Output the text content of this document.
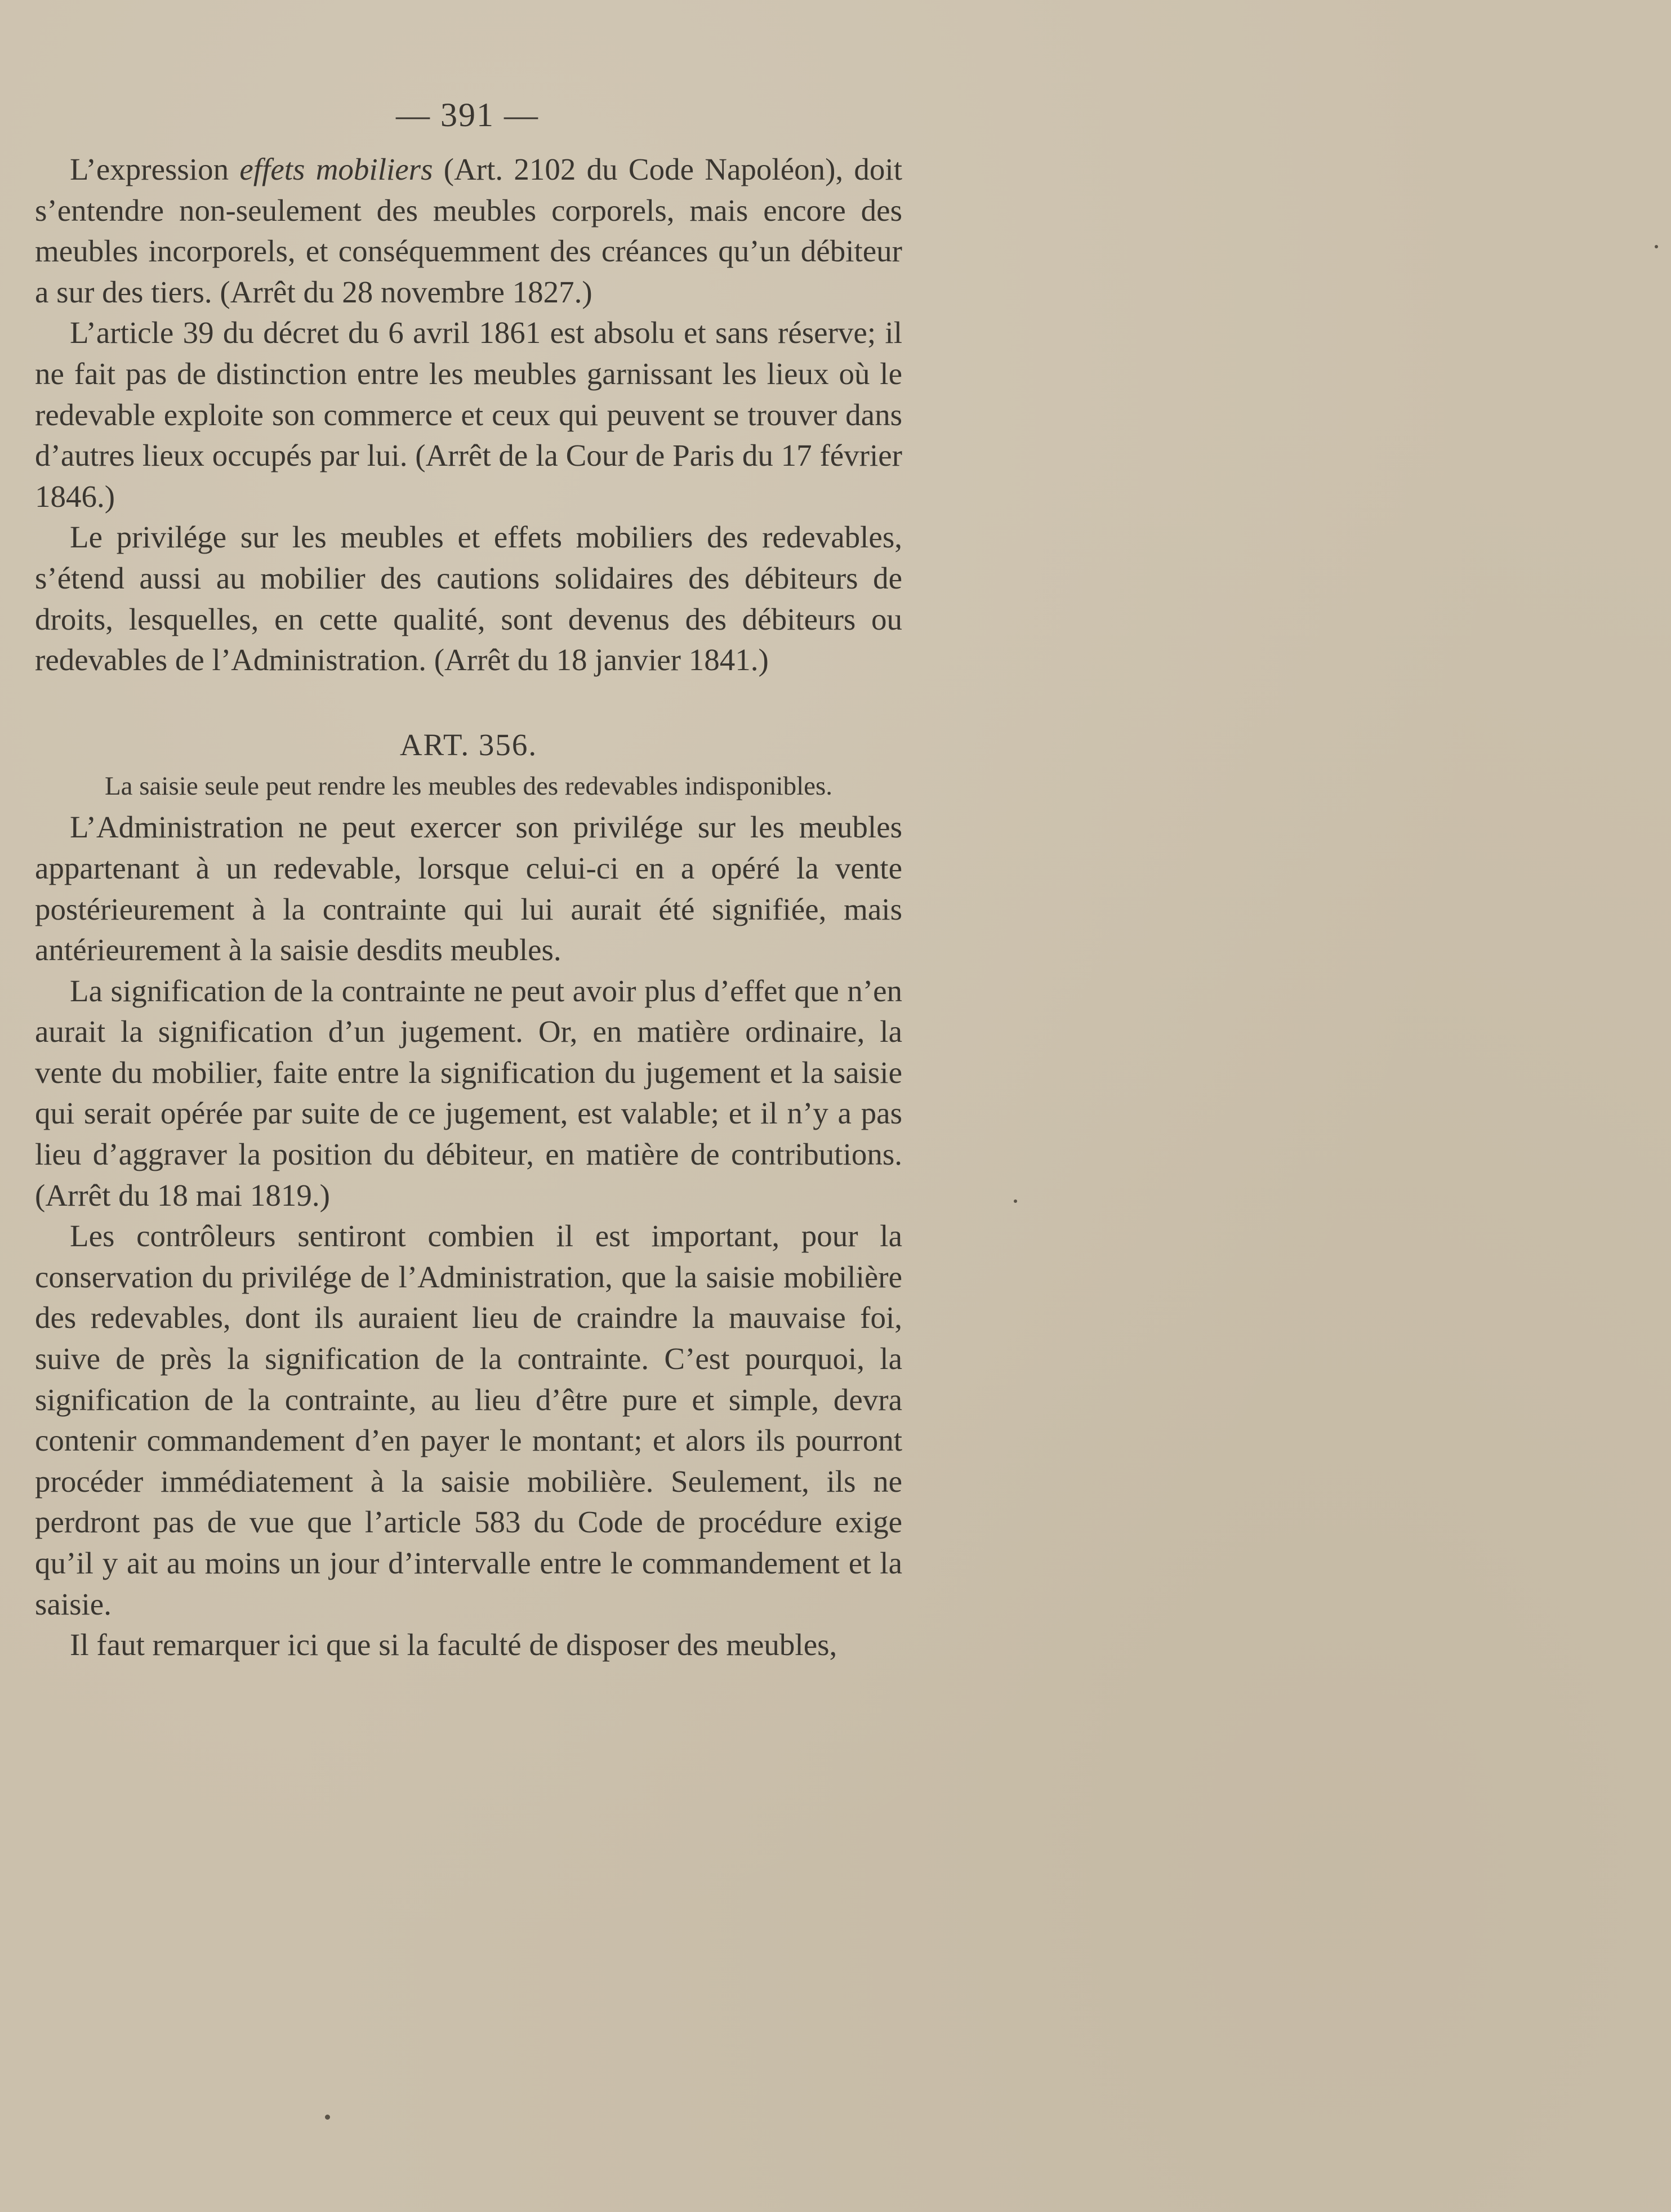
— 391 —

L’expression effets mobiliers (Art. 2102 du Code Napoléon), doit s’entendre non-seulement des meubles corporels, mais encore des meubles incorporels, et conséquemment des créances qu’un débiteur a sur des tiers. (Arrêt du 28 novembre 1827.)

L’article 39 du décret du 6 avril 1861 est absolu et sans réserve; il ne fait pas de distinction entre les meubles garnissant les lieux où le redevable exploite son commerce et ceux qui peuvent se trouver dans d’autres lieux occupés par lui. (Arrêt de la Cour de Paris du 17 février 1846.)

Le privilége sur les meubles et effets mobiliers des redevables, s’étend aussi au mobilier des cautions solidaires des débiteurs de droits, lesquelles, en cette qualité, sont devenus des débiteurs ou redevables de l’Administration. (Arrêt du 18 janvier 1841.)

ART. 356.

La saisie seule peut rendre les meubles des redevables indisponibles.

L’Administration ne peut exercer son privilége sur les meubles appartenant à un redevable, lorsque celui-ci en a opéré la vente postérieurement à la contrainte qui lui aurait été signifiée, mais antérieurement à la saisie desdits meubles.

La signification de la contrainte ne peut avoir plus d’effet que n’en aurait la signification d’un jugement. Or, en matière ordinaire, la vente du mobilier, faite entre la signification du jugement et la saisie qui serait opérée par suite de ce jugement, est valable; et il n’y a pas lieu d’aggraver la position du débiteur, en matière de contributions. (Arrêt du 18 mai 1819.)

Les contrôleurs sentiront combien il est important, pour la conservation du privilége de l’Administration, que la saisie mobilière des redevables, dont ils auraient lieu de craindre la mauvaise foi, suive de près la signification de la contrainte. C’est pourquoi, la signification de la contrainte, au lieu d’être pure et simple, devra contenir commandement d’en payer le montant; et alors ils pourront procéder immédiatement à la saisie mobilière. Seulement, ils ne perdront pas de vue que l’article 583 du Code de procédure exige qu’il y ait au moins un jour d’intervalle entre le commandement et la saisie.

Il faut remarquer ici que si la faculté de disposer des meubles,
